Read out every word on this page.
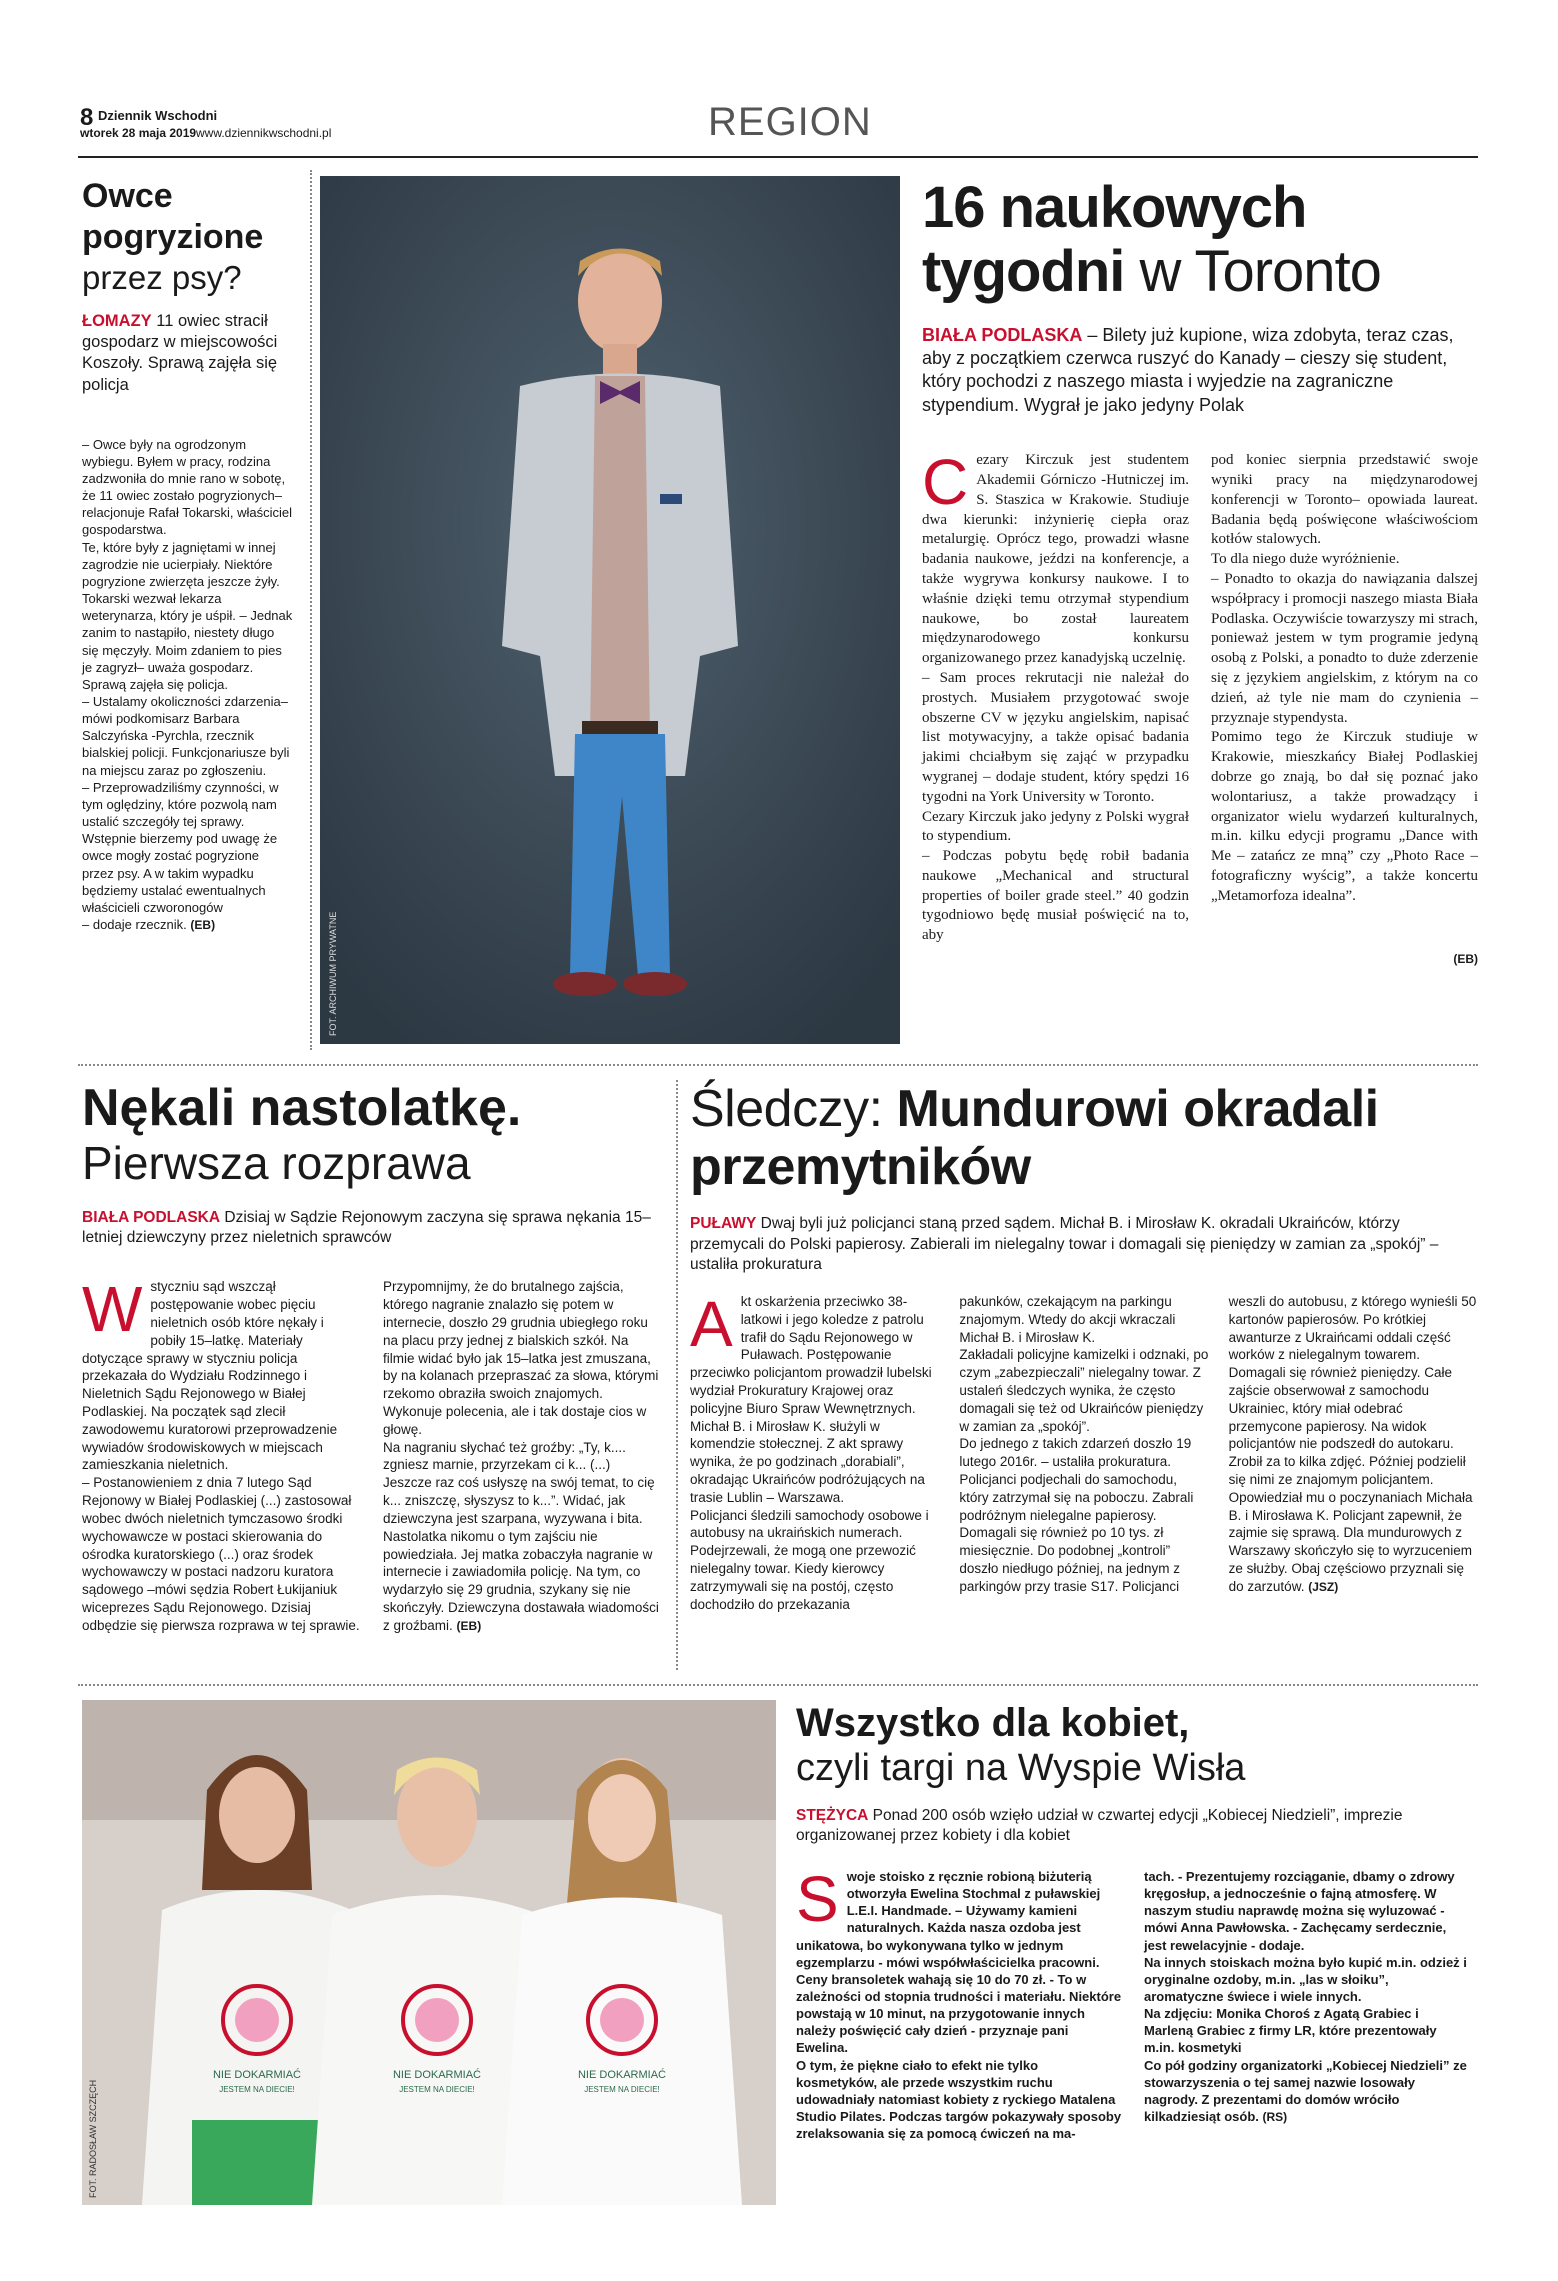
8 Dziennik Wschodni
wtorek 28 maja 2019 www.dziennikwschodni.pl	REGION
Owce pogryzione
przez psy?
ŁOMAZY 11 owiec stracił gospodarz w miejscowości Koszoły. Sprawą zajęła się policja
– Owce były na ogrodzonym wybiegu. Byłem w pracy, rodzina zadzwoniła do mnie rano w sobotę, że 11 owiec zostało pogryzionych– relacjonuje Rafał Tokarski, właściciel gospodarstwa.
Te, które były z jagniętami w innej zagrodzie nie ucierpiały. Niektóre pogryzione zwierzęta jeszcze żyły. Tokarski wezwał lekarza weterynarza, który je uśpił. – Jednak zanim to nastąpiło, niestety długo się męczyły. Moim zdaniem to pies je zagryzł– uważa gospodarz. Sprawą zajęła się policja.
– Ustalamy okoliczności zdarzenia– mówi podkomisarz Barbara Salczyńska -Pyrchla, rzecznik bialskiej policji. Funkcjonariusze byli na miejscu zaraz po zgłoszeniu.
– Przeprowadziliśmy czynności, w tym oględziny, które pozwolą nam ustalić szczegóły tej sprawy. Wstępnie bierzemy pod uwagę że owce mogły zostać pogryzione przez psy. A w takim wypadku będziemy ustalać ewentualnych właścicieli czworonogów
– dodaje rzecznik. (EB)	FOT. ARCHIWUM PRYWATNE
16 naukowych tygodni w Toronto
BIAŁA PODLASKA – Bilety już kupione, wiza zdobyta, teraz czas, aby z początkiem czerwca ruszyć do Kanady – cieszy się student, który pochodzi z naszego miasta i wyjedzie na zagraniczne stypendium. Wygrał je jako jedyny Polak
Cezary Kirczuk jest studentem Akademii Górniczo -Hutniczej im. S. Staszica w Krakowie. Studiuje dwa kierunki: inżynierię ciepła oraz metalurgię. Oprócz tego, prowadzi własne badania naukowe, jeździ na konferencje, a także wygrywa konkursy naukowe. I to właśnie dzięki temu otrzymał stypendium naukowe, bo został laureatem międzynarodowego konkursu organizowanego przez kanadyjską uczelnię.
– Sam proces rekrutacji nie należał do prostych. Musiałem przygotować swoje obszerne CV w języku angielskim, napisać list motywacyjny, a także opisać badania jakimi chciałbym się zająć w przypadku wygranej – dodaje student, który spędzi 16 tygodni na York University w Toronto.
Cezary Kirczuk jako jedyny z Polski wygrał to stypendium.
– Podczas pobytu będę robił badania naukowe „Mechanical and structural properties of boiler grade steel.” 40 godzin tygodniowo będę musiał poświęcić na to, aby
pod koniec sierpnia przedstawić swoje wyniki pracy na międzynarodowej konferencji w Toronto– opowiada laureat. Badania będą poświęcone właściwościom kotłów stalowych.
To dla niego duże wyróżnienie.
– Ponadto to okazja do nawiązania dalszej współpracy i promocji naszego miasta Biała Podlaska. Oczywiście towarzyszy mi strach, ponieważ jestem w tym programie jedyną osobą z Polski, a ponadto to duże zderzenie się z językiem angielskim, z którym na co dzień, aż tyle nie mam do czynienia – przyznaje stypendysta.
Pomimo tego że Kirczuk studiuje w Krakowie, mieszkańcy Białej Podlaskiej dobrze go znają, bo dał się poznać jako wolontariusz, a także prowadzący i organizator wielu wydarzeń kulturalnych, m.in. kilku edycji programu „Dance with Me – zatańcz ze mną” czy „Photo Race – fotograficzny wyścig”, a także koncertu „Metamorfoza idealna”.
(EB)
Nękali nastolatkę.
Pierwsza rozprawa
BIAŁA PODLASKA Dzisiaj w Sądzie Rejonowym zaczyna się sprawa nękania 15–letniej dziewczyny przez nieletnich sprawców
Wstyczniu sąd wszczął postępowanie wobec pięciu nieletnich osób które nękały i pobiły 15–latkę. Materiały dotyczące sprawy w styczniu policja przekazała do Wydziału Rodzinnego i Nieletnich Sądu Rejonowego w Białej Podlaskiej. Na początek sąd zlecił zawodowemu kuratorowi przeprowadzenie wywiadów środowiskowych w miejscach zamieszkania nieletnich.
– Postanowieniem z dnia 7 lutego Sąd Rejonowy w Białej Podlaskiej (...) zastosował wobec dwóch nieletnich tymczasowo środki wychowawcze w postaci skierowania do ośrodka kuratorskiego (...) oraz środek wychowawczy w postaci nadzoru kuratora sądowego –mówi sędzia Robert Łukijaniuk wiceprezes Sądu Rejonowego. Dzisiaj odbędzie się pierwsza rozprawa w tej sprawie.
Przypomnijmy, że do brutalnego zajścia, którego nagranie znalazło się potem w internecie, doszło 29 grudnia ubiegłego roku na placu przy jednej z bialskich szkół. Na filmie widać było jak 15–latka jest zmuszana, by na kolanach przepraszać za słowa, którymi rzekomo obraziła swoich znajomych. Wykonuje polecenia, ale i tak dostaje cios w głowę.
Na nagraniu słychać też groźby: „Ty, k.... zgniesz marnie, przyrzekam ci k... (...) Jeszcze raz coś usłyszę na swój temat, to cię k... zniszczę, słyszysz to k...”. Widać, jak dziewczyna jest szarpana, wyzywana i bita. Nastolatka nikomu o tym zajściu nie powiedziała. Jej matka zobaczyła nagranie w internecie i zawiadomiła policję. Na tym, co wydarzyło się 29 grudnia, szykany się nie skończyły. Dziewczyna dostawała wiadomości z groźbami. (EB)
Śledczy: Mundurowi okradali przemytników
PUŁAWY Dwaj byli już policjanci staną przed sądem. Michał B. i Mirosław K. okradali Ukraińców, którzy przemycali do Polski papierosy. Zabierali im nielegalny towar i domagali się pieniędzy w zamian za „spokój” – ustaliła prokuratura
Akt oskarżenia przeciwko 38-latkowi i jego koledze z patrolu trafił do Sądu Rejonowego w Puławach. Postępowanie przeciwko policjantom prowadził lubelski wydział Prokuratury Krajowej oraz policyjne Biuro Spraw Wewnętrznych. Michał B. i Mirosław K. służyli w komendzie stołecznej. Z akt sprawy wynika, że po godzinach „dorabiali”, okradając Ukraińców podróżujących na trasie Lublin – Warszawa.
Policjanci śledzili samochody osobowe i autobusy na ukraińskich numerach. Podejrzewali, że mogą one przewozić nielegalny towar. Kiedy kierowcy zatrzymywali się na postój, często dochodziło do przekazania
pakunków, czekającym na parkingu znajomym. Wtedy do akcji wkraczali Michał B. i Mirosław K.
Zakładali policyjne kamizelki i odznaki, po czym „zabezpieczali” nielegalny towar. Z ustaleń śledczych wynika, że często domagali się też od Ukraińców pieniędzy w zamian za „spokój”.
Do jednego z takich zdarzeń doszło 19 lutego 2016r. – ustaliła prokuratura. Policjanci podjechali do samochodu, który zatrzymał się na poboczu. Zabrali podróżnym nielegalne papierosy. Domagali się również po 10 tys. zł miesięcznie. Do podobnej „kontroli” doszło niedługo później, na jednym z parkingów przy trasie S17. Policjanci
weszli do autobusu, z którego wynieśli 50 kartonów papierosów. Po krótkiej awanturze z Ukraińcami oddali część worków z nielegalnym towarem. Domagali się również pieniędzy. Całe zajście obserwował z samochodu Ukrainiec, który miał odebrać przemycone papierosy. Na widok policjantów nie podszedł do autokaru. Zrobił za to kilka zdjęć. Później podzielił się nimi ze znajomym policjantem. Opowiedział mu o poczynaniach Michała B. i Mirosława K. Policjant zapewnił, że zajmie się sprawą. Dla mundurowych z Warszawy skończyło się to wyrzuceniem ze służby. Obaj częściowo przyznali się do zarzutów. (JSZ)
NIE DOKARMIAĆ	NIE DOKARMIAĆ	NIE DOKARMIAĆ
JESTEM NA DIECIE!	JESTEM NA DIECIE!	JESTEM NA DIECIE!
FOT. RADOSŁAW SZCZĘCH
Wszystko dla kobiet,
czyli targi na Wyspie Wisła
STĘŻYCA Ponad 200 osób wzięło udział w czwartej edycji „Kobiecej Niedzieli”, imprezie organizowanej przez kobiety i dla kobiet
Swoje stoisko z ręcznie robioną biżuterią otworzyła Ewelina Stochmal z puławskiej L.E.I. Handmade. – Używamy kamieni naturalnych. Każda nasza ozdoba jest unikatowa, bo wykonywana tylko w jednym egzemplarzu - mówi współwłaścicielka pracowni. Ceny bransoletek wahają się 10 do 70 zł. - To w zależności od stopnia trudności i materiału. Niektóre powstają w 10 minut, na przygotowanie innych należy poświęcić cały dzień - przyznaje pani Ewelina.
O tym, że piękne ciało to efekt nie tylko kosmetyków, ale przede wszystkim ruchu udowadniały natomiast kobiety z ryckiego Matalena Studio Pilates. Podczas targów pokazywały sposoby zrelaksowania się za pomocą ćwiczeń na ma-
tach. - Prezentujemy rozciąganie, dbamy o zdrowy kręgosłup, a jednocześnie o fajną atmosferę. W naszym studiu naprawdę można się wyluzować - mówi Anna Pawłowska. - Zachęcamy serdecznie, jest rewelacyjnie - dodaje.
Na innych stoiskach można było kupić m.in. odzież i oryginalne ozdoby, m.in. „las w słoiku”, aromatyczne świece i wiele innych.
Na zdjęciu: Monika Choroś z Agatą Grabiec i Marleną Grabiec z firmy LR, które prezentowały m.in. kosmetyki
Co pół godziny organizatorki „Kobiecej Niedzieli” ze stowarzyszenia o tej samej nazwie losowały nagrody. Z prezentami do domów wróciło kilkadziesiąt osób. (RS)
